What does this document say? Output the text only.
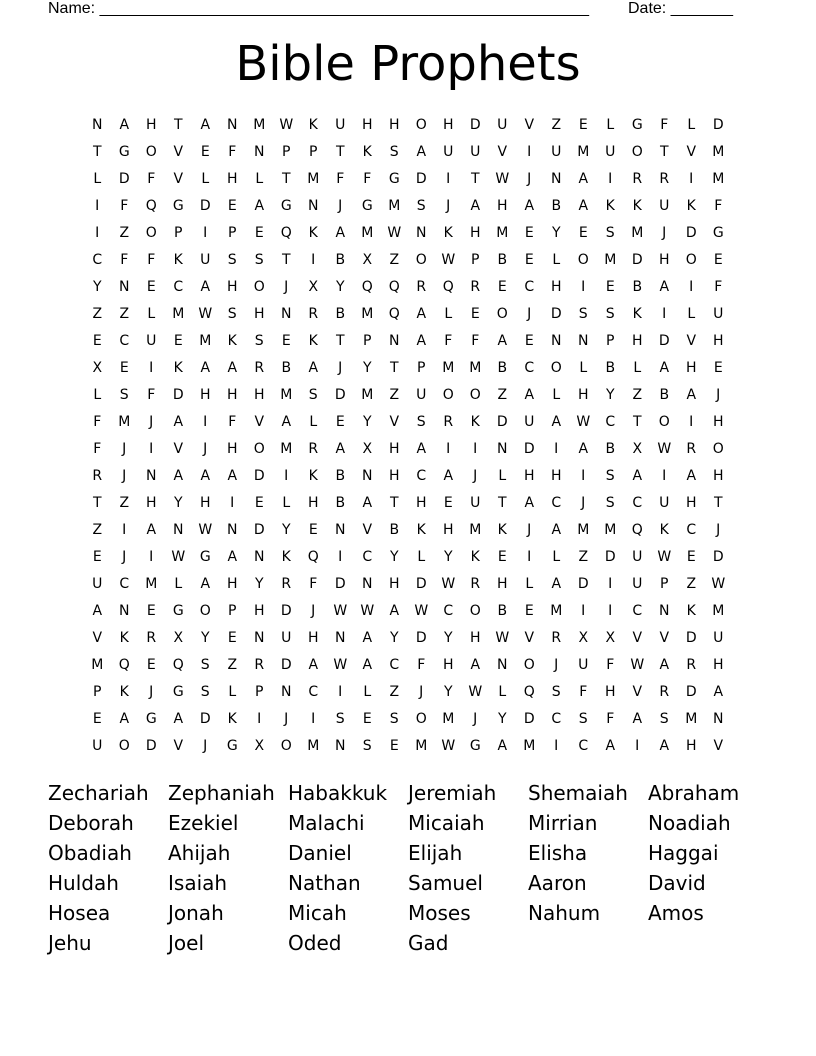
Name: _______________________________________________________ Date: _______
Bible Prophets
N	A	H	T	A	N	M W	K	U	H	H	O	H	D	U	V	Z	E	L	G	F	L	D
T	G	O	V	E	F	N	P	P	T	K	S	A	U	U	V	I	U	M	U	O	T	V	M
L	D	F	V	L	H	L	T	M	F	F	G	D	I	T	W	J	N	A	I	R	R	I	M
I	F	Q	G	D	E	A	G	N	J	G	M	S	J	A	H	A	B	A	K	K	U	K	F
I	Z	O	P	I	P	E	Q	K	A	M W	N	K	H	M	E	Y	E	S	M	J	D	G
C	F	F	K	U	S	S	T	I	B	X	Z	O	W	P	B	E	L	O	M	D	H	O	E
Y	N	E	C	A	H	O	J	X	Y	Q	Q	R	Q	R	E	C	H	I	E	B	A	I	F
Z	Z	L	M W	S	H	N	R	B	M	Q	A	L	E	O	J	D	S	S	K	I	L	U
E	C	U	E	M	K	S	E	K	T	P	N	A	F	F	A	E	N	N	P	H	D	V	H
X	E	I	K	A	A	R	B	A	J	Y	T	P	M	M	B	C	O	L	B	L	A	H	E
L	S	F	D	H	H	H	M	S	D	M	Z	U	O	O	Z	A	L	H	Y	Z	B	A	J
F	M	J	A	I	F	V	A	L	E	Y	V	S	R	K	D	U	A	W	C	T	O	I	H
F	J	I	V	J	H	O	M	R	A	X	H	A	I	I	N	D	I	A	B	X	W	R	O
R	J	N	A	A	A	D	I	K	B	N	H	C	A	J	L	H	H	I	S	A	I	A	H
T	Z	H	Y	H	I	E	L	H	B	A	T	H	E	U	T	A	C	J	S	C	U	H	T
Z	I	A	N	W	N	D	Y	E	N	V	B	K	H	M	K	J	A	M	M	Q	K	C	J
E	J	I	W	G	A	N	K	Q	I	C	Y	L	Y	K	E	I	L	Z	D	U	W	E	D
U	C	M	L	A	H	Y	R	F	D	N	H	D	W	R	H	L	A	D	I	U	P	Z	W
A	N	E	G	O	P	H	D	J	W W	A	W	C	O	B	E	M	I	I	C	N	K	M
V	K	R	X	Y	E	N	U	H	N	A	Y	D	Y	H	W	V	R	X	X	V	V	D	U
M	Q	E	Q	S	Z	R	D	A	W	A	C	F	H	A	N	O	J	U	F	W	A	R	H
P	K	J	G	S	L	P	N	C	I	L	Z	J	Y	W	L	Q	S	F	H	V	R	D	A
E	A	G	A	D	K	I	J	I	S	E	S	O	M	J	Y	D	C	S	F	A	S	M	N
U	O	D	V	J	G	X	O	M	N	S	E	M W	G	A	M	I	C	A	I	A	H	V
Zechariah Zephaniah Habakkuk	Jeremiah	Shemaiah	Abraham
Deborah	Ezekiel	Malachi	Micaiah	Mirrian	Noadiah
Obadiah	Ahijah	Daniel	Elijah	Elisha	Haggai
Huldah	Isaiah	Nathan	Samuel	Aaron	David
Hosea	Jonah	Micah	Moses	Nahum	Amos
Jehu	Joel	Oded	Gad
